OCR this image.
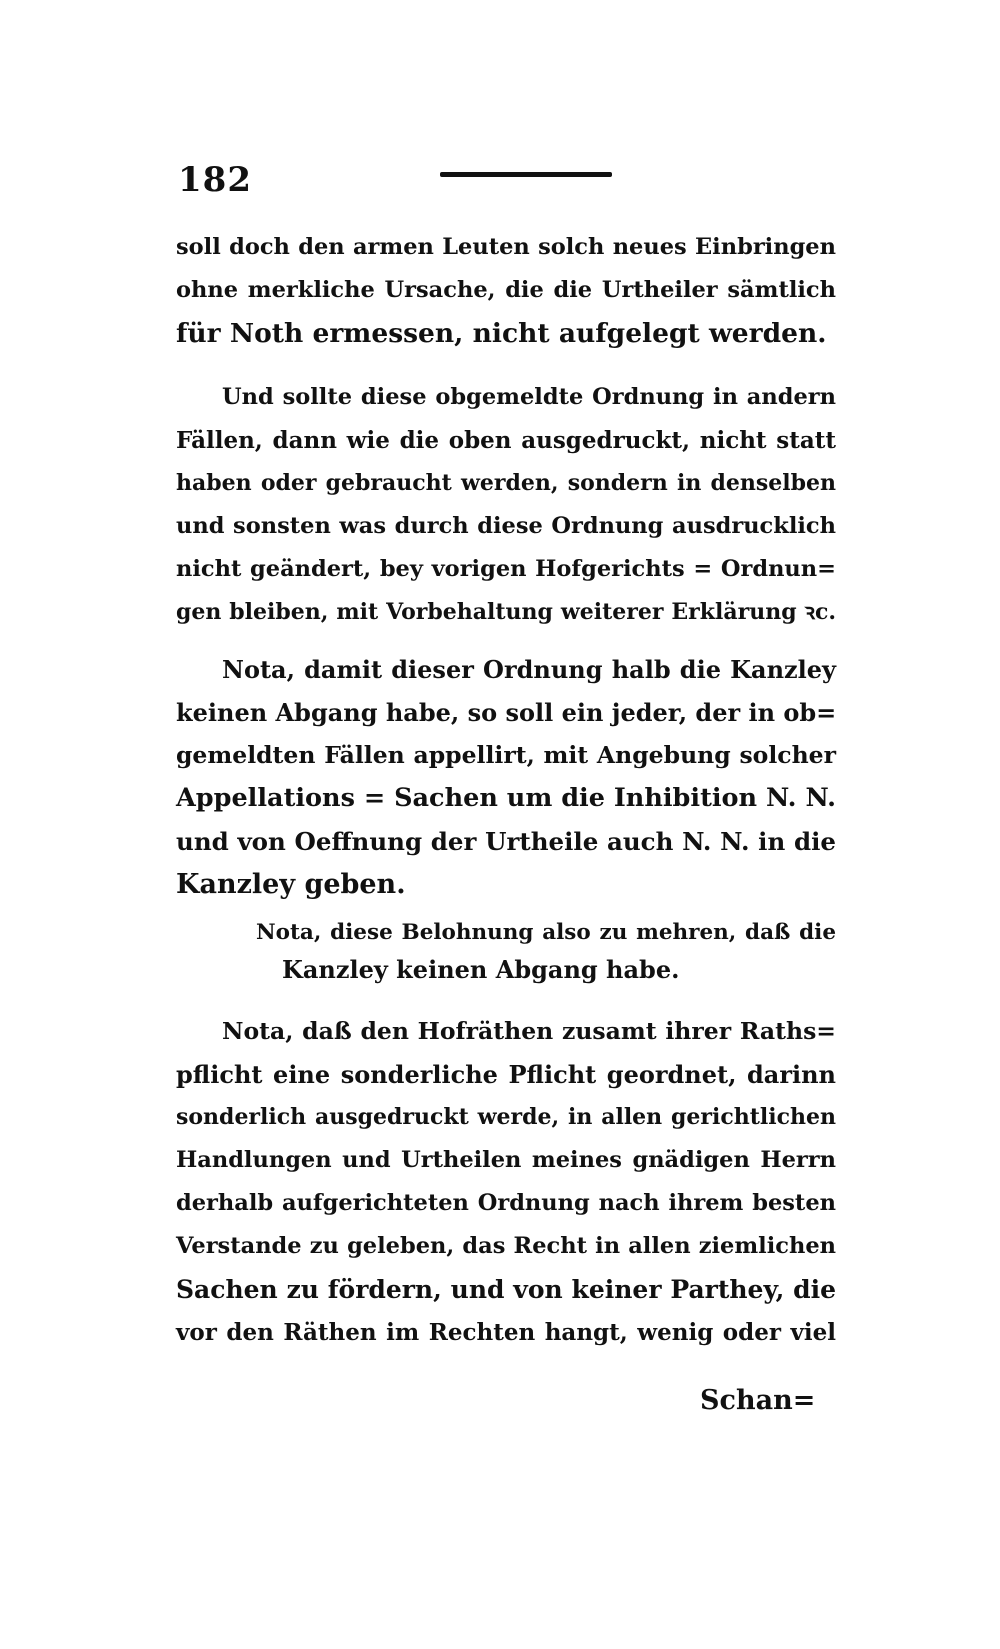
182
soll doch den armen Leuten solch neues Einbringen
ohne merkliche Ursache, die die Urtheiler sämtlich
für Noth ermessen, nicht aufgelegt werden.
Und sollte diese obgemeldte Ordnung in andern
Fällen, dann wie die oben ausgedruckt, nicht statt
haben oder gebraucht werden, sondern in denselben
und sonsten was durch diese Ordnung ausdrucklich
nicht geändert, bey vorigen Hofgerichts = Ordnun=
gen bleiben, mit Vorbehaltung weiterer Erklärung ꝛc.
Nota, damit dieser Ordnung halb die Kanzley
keinen Abgang habe, so soll ein jeder, der in ob=
gemeldten Fällen appellirt, mit Angebung solcher
Appellations = Sachen um die Inhibition N. N.
und von Oeffnung der Urtheile auch N. N. in die
Kanzley geben.
Nota, diese Belohnung also zu mehren, daß die
Kanzley keinen Abgang habe.
Nota, daß den Hofräthen zusamt ihrer Raths=
pflicht eine sonderliche Pflicht geordnet, darinn
sonderlich ausgedruckt werde, in allen gerichtlichen
Handlungen und Urtheilen meines gnädigen Herrn
derhalb aufgerichteten Ordnung nach ihrem besten
Verstande zu geleben, das Recht in allen ziemlichen
Sachen zu fördern, und von keiner Parthey, die
vor den Räthen im Rechten hangt, wenig oder viel
Schan=
